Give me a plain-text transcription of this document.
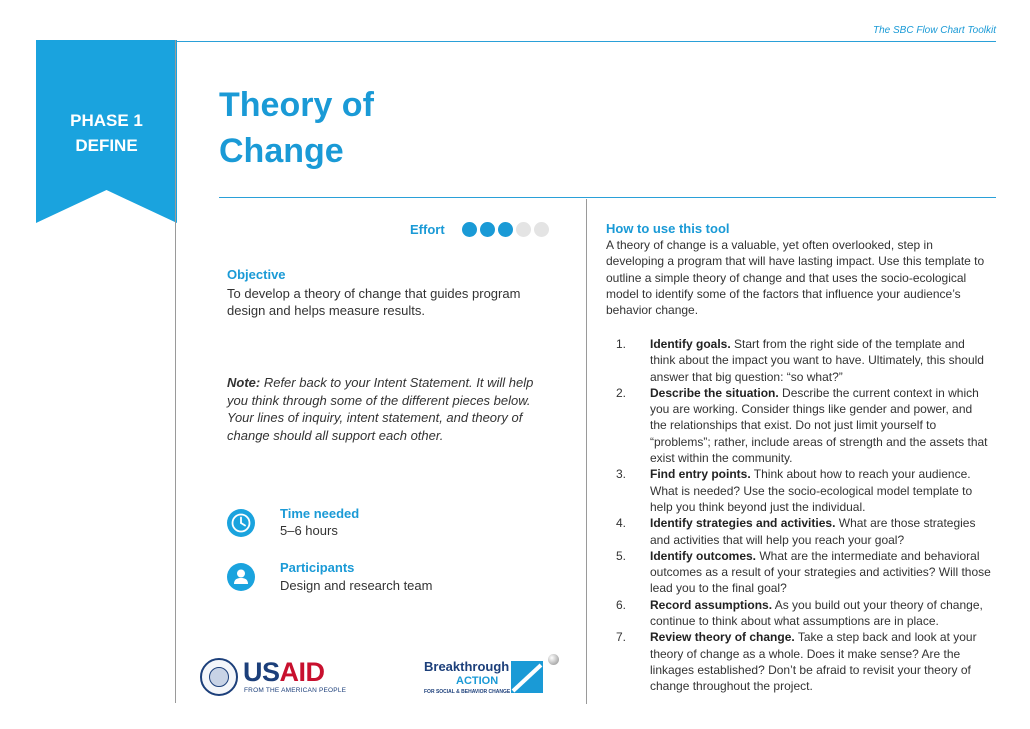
The SBC Flow Chart Toolkit
PHASE 1
DEFINE
Theory of
Change
Effort
Objective
To develop a theory of change that guides program design and helps measure results.
Note: Refer back to your Intent Statement. It will help you think through some of the different pieces below. Your lines of inquiry, intent statement, and theory of change should all support each other.
Time needed
5–6 hours
Participants
Design and research team
USAID
FROM THE AMERICAN PEOPLE
Breakthrough
ACTION
FOR SOCIAL & BEHAVIOR CHANGE
How to use this tool
A theory of change is a valuable, yet often overlooked, step in developing a program that will have lasting impact. Use this template to outline a simple theory of change and that uses the socio-ecological model to identify some of the factors that influence your audience’s behavior change.
1. Identify goals. Start from the right side of the template and think about the impact you want to have. Ultimately, this should answer that big question: “so what?”
2. Describe the situation. Describe the current context in which you are working. Consider things like gender and power, and the relationships that exist. Do not just limit yourself to “problems”; rather, include areas of strength and the assets that exist within the community.
3. Find entry points. Think about how to reach your audience. What is needed? Use the socio-ecological model template to help you think beyond just the individual.
4. Identify strategies and activities. What are those strategies and activities that will help you reach your goal?
5. Identify outcomes. What are the intermediate and behavioral outcomes as a result of your strategies and activities? Will those lead you to the final goal?
6. Record assumptions. As you build out your theory of change, continue to think about what assumptions are in place.
7. Review theory of change. Take a step back and look at your theory of change as a whole. Does it make sense? Are the linkages established? Don’t be afraid to revisit your theory of change throughout the project.
